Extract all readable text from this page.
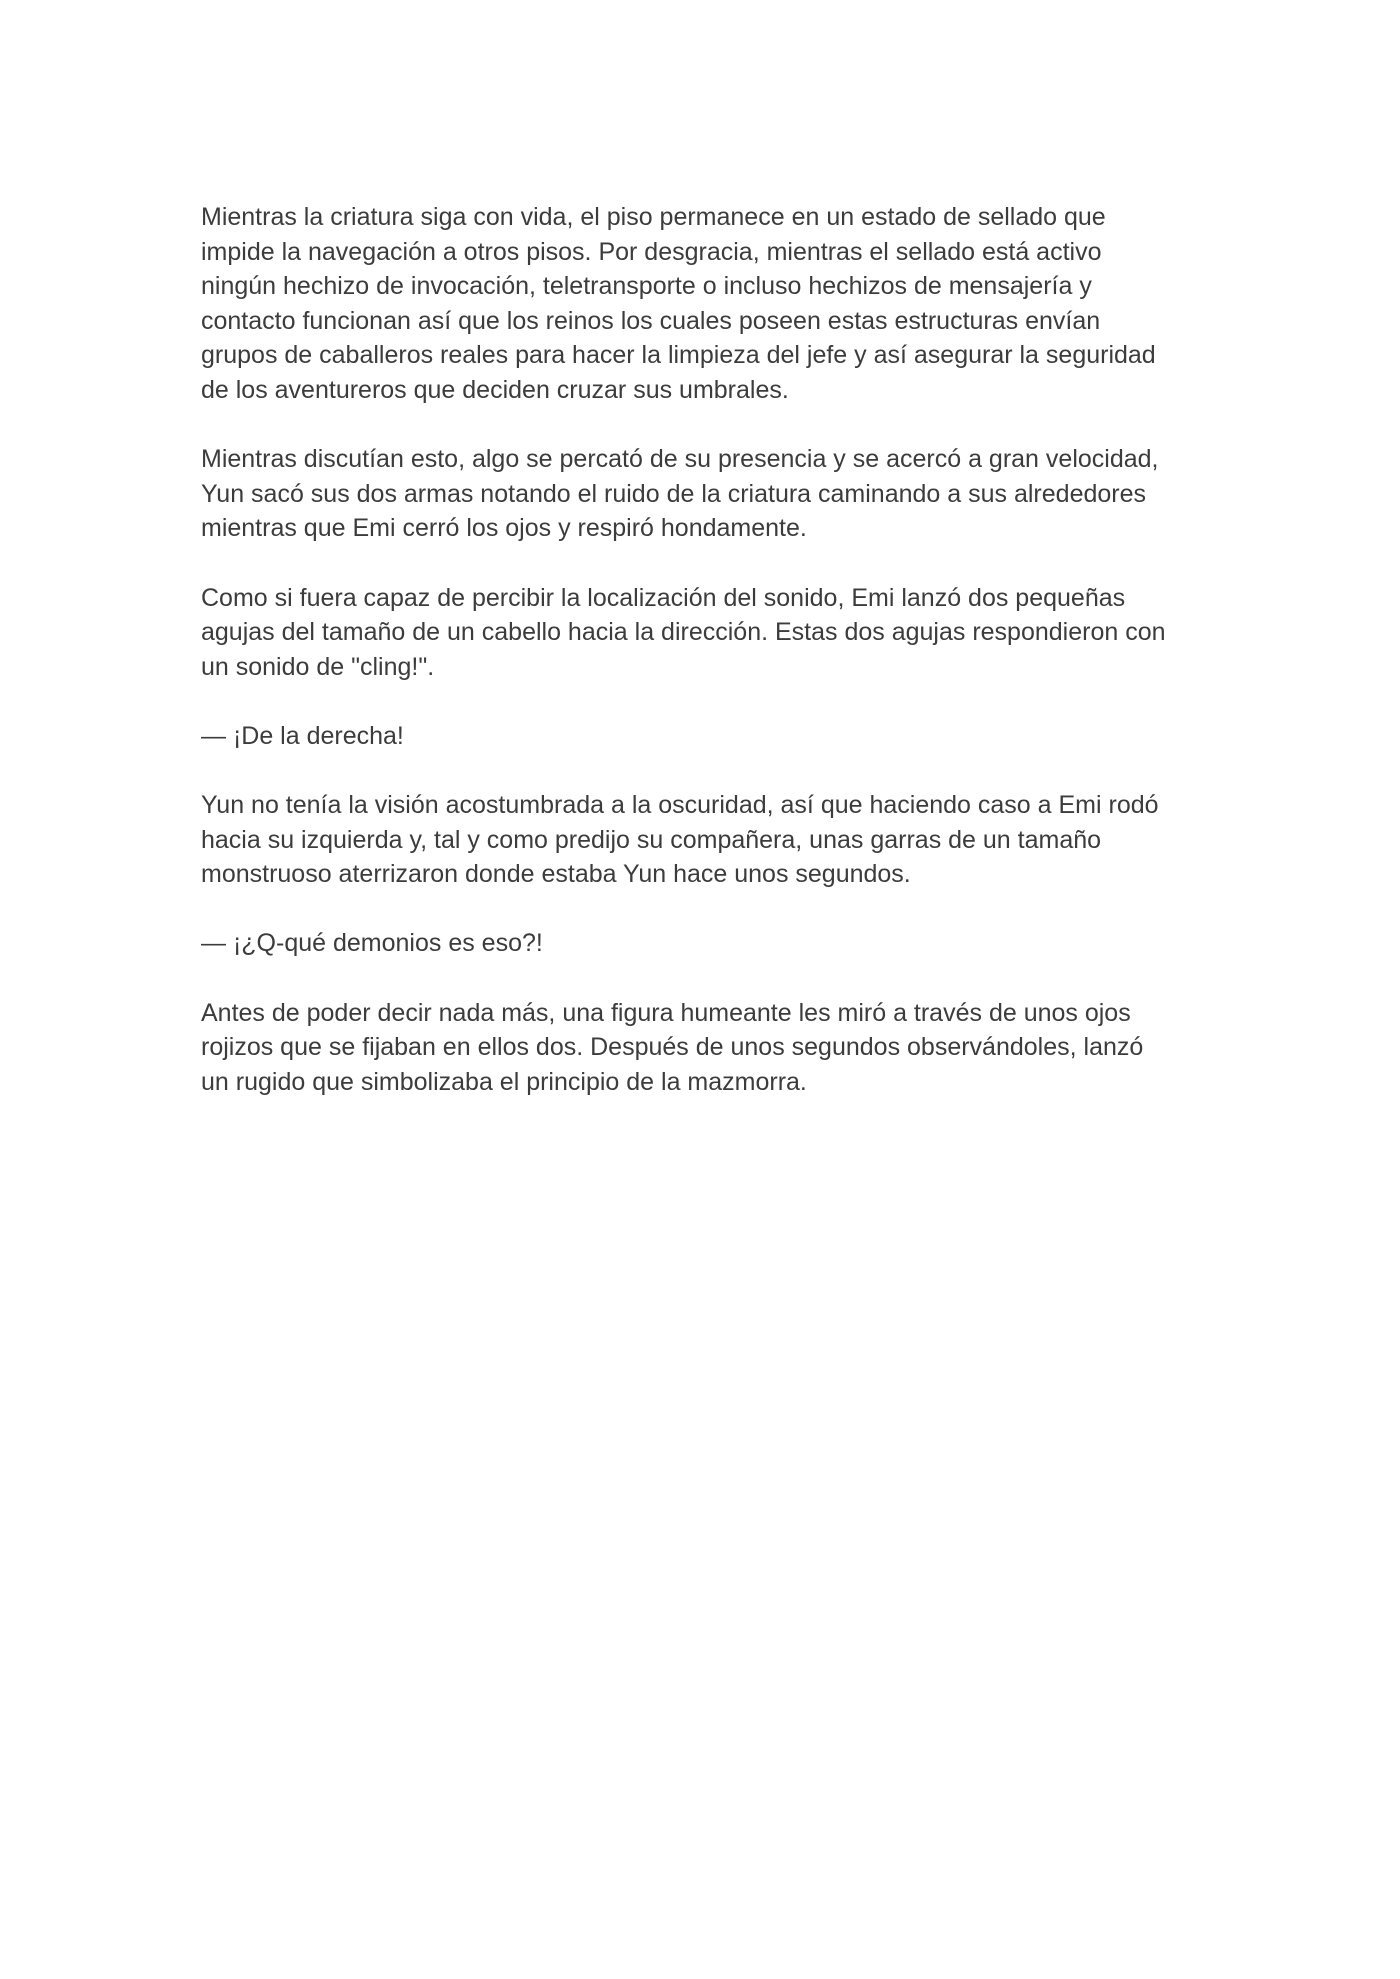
Mientras la criatura siga con vida, el piso permanece en un estado de sellado que
impide la navegación a otros pisos. Por desgracia, mientras el sellado está activo
ningún hechizo de invocación, teletransporte o incluso hechizos de mensajería y
contacto funcionan así que los reinos los cuales poseen estas estructuras envían
grupos de caballeros reales para hacer la limpieza del jefe y así asegurar la seguridad
de los aventureros que deciden cruzar sus umbrales.

Mientras discutían esto, algo se percató de su presencia y se acercó a gran velocidad,
Yun sacó sus dos armas notando el ruido de la criatura caminando a sus alrededores
mientras que Emi cerró los ojos y respiró hondamente.

Como si fuera capaz de percibir la localización del sonido, Emi lanzó dos pequeñas
agujas del tamaño de un cabello hacia la dirección. Estas dos agujas respondieron con
un sonido de "cling!".

— ¡De la derecha!

Yun no tenía la visión acostumbrada a la oscuridad, así que haciendo caso a Emi rodó
hacia su izquierda y, tal y como predijo su compañera, unas garras de un tamaño
monstruoso aterrizaron donde estaba Yun hace unos segundos.

— ¡¿Q-qué demonios es eso?!

Antes de poder decir nada más, una figura humeante les miró a través de unos ojos
rojizos que se fijaban en ellos dos. Después de unos segundos observándoles, lanzó
un rugido que simbolizaba el principio de la mazmorra.
